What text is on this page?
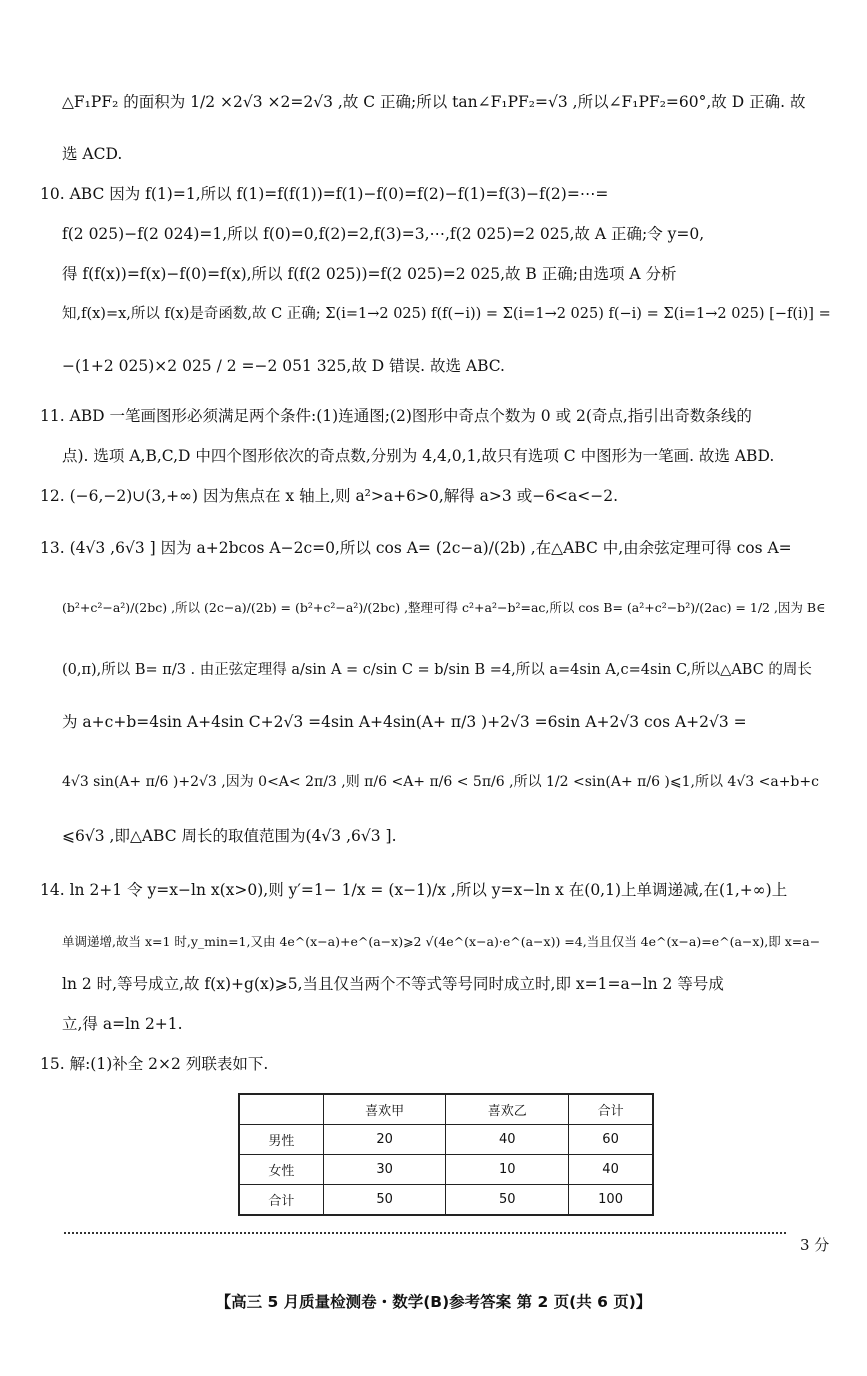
△F₁PF₂ 的面积为 1/2 ×2√3 ×2=2√3 ,故 C 正确;所以 tan∠F₁PF₂=√3 ,所以∠F₁PF₂=60°,故 D 正确. 故
选 ACD.
10. ABC 因为 f(1)=1,所以 f(1)=f(f(1))=f(1)−f(0)=f(2)−f(1)=f(3)−f(2)=⋯=
f(2 025)−f(2 024)=1,所以 f(0)=0,f(2)=2,f(3)=3,⋯,f(2 025)=2 025,故 A 正确;令 y=0,
得 f(f(x))=f(x)−f(0)=f(x),所以 f(f(2 025))=f(2 025)=2 025,故 B 正确;由选项 A 分析
知,f(x)=x,所以 f(x)是奇函数,故 C 正确; Σ(i=1→2 025) f(f(−i)) = Σ(i=1→2 025) f(−i) = Σ(i=1→2 025) [−f(i)] =
−(1+2 025)×2 025 / 2 =−2 051 325,故 D 错误. 故选 ABC.
11. ABD 一笔画图形必须满足两个条件:(1)连通图;(2)图形中奇点个数为 0 或 2(奇点,指引出奇数条线的
点). 选项 A,B,C,D 中四个图形依次的奇点数,分别为 4,4,0,1,故只有选项 C 中图形为一笔画. 故选 ABD.
12. (−6,−2)∪(3,+∞) 因为焦点在 x 轴上,则 a²>a+6>0,解得 a>3 或−6<a<−2.
13. (4√3 ,6√3 ] 因为 a+2bcos A−2c=0,所以 cos A= (2c−a)/(2b) ,在△ABC 中,由余弦定理可得 cos A=
(b²+c²−a²)/(2bc) ,所以 (2c−a)/(2b) = (b²+c²−a²)/(2bc) ,整理可得 c²+a²−b²=ac,所以 cos B= (a²+c²−b²)/(2ac) = 1/2 ,因为 B∈
(0,π),所以 B= π/3 . 由正弦定理得 a/sin A = c/sin C = b/sin B =4,所以 a=4sin A,c=4sin C,所以△ABC 的周长
为 a+c+b=4sin A+4sin C+2√3 =4sin A+4sin(A+ π/3 )+2√3 =6sin A+2√3 cos A+2√3 =
4√3 sin(A+ π/6 )+2√3 ,因为 0<A< 2π/3 ,则 π/6 <A+ π/6 < 5π/6 ,所以 1/2 <sin(A+ π/6 )⩽1,所以 4√3 <a+b+c
⩽6√3 ,即△ABC 周长的取值范围为(4√3 ,6√3 ].
14. ln 2+1 令 y=x−ln x(x>0),则 y′=1− 1/x = (x−1)/x ,所以 y=x−ln x 在(0,1)上单调递减,在(1,+∞)上
单调递增,故当 x=1 时,y_min=1,又由 4e^(x−a)+e^(a−x)⩾2 √(4e^(x−a)·e^(a−x)) =4,当且仅当 4e^(x−a)=e^(a−x),即 x=a−
ln 2 时,等号成立,故 f(x)+g(x)⩾5,当且仅当两个不等式等号同时成立时,即 x=1=a−ln 2 等号成
立,得 a=ln 2+1.
15. 解:(1)补全 2×2 列联表如下.
	喜欢甲	喜欢乙	合计
男性	20	40	60
女性	30	10	40
合计	50	50	100
3 分
【高三 5 月质量检测卷・数学(B)参考答案 第 2 页(共 6 页)】
